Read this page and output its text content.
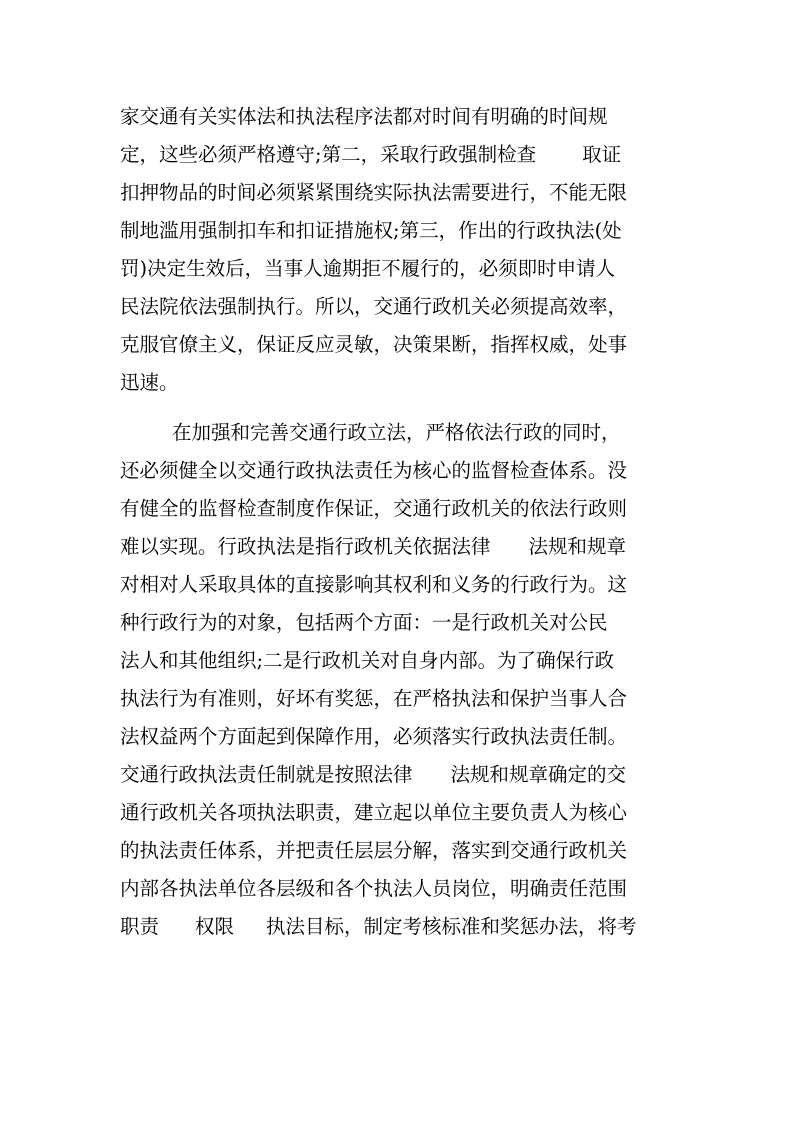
家交通有关实体法和执法程序法都对时间有明确的时间规
定，这些必须严格遵守;第二，采取行政强制检查 取证
扣押物品的时间必须紧紧围绕实际执法需要进行，不能无限
制地滥用强制扣车和扣证措施权;第三，作出的行政执法(处
罚)决定生效后，当事人逾期拒不履行的，必须即时申请人
民法院依法强制执行。所以，交通行政机关必须提高效率，
克服官僚主义，保证反应灵敏，决策果断，指挥权威，处事
迅速。
在加强和完善交通行政立法，严格依法行政的同时，
还必须健全以交通行政执法责任为核心的监督检查体系。没
有健全的监督检查制度作保证，交通行政机关的依法行政则
难以实现。行政执法是指行政机关依据法律 法规和规章
对相对人采取具体的直接影响其权利和义务的行政行为。这
种行政行为的对象，包括两个方面：一是行政机关对公民
法人和其他组织;二是行政机关对自身内部。为了确保行政
执法行为有准则，好坏有奖惩，在严格执法和保护当事人合
法权益两个方面起到保障作用，必须落实行政执法责任制。
交通行政执法责任制就是按照法律 法规和规章确定的交
通行政机关各项执法职责，建立起以单位主要负责人为核心
的执法责任体系，并把责任层层分解，落实到交通行政机关
内部各执法单位各层级和各个执法人员岗位，明确责任范围
职责 权限 执法目标，制定考核标准和奖惩办法，将考
